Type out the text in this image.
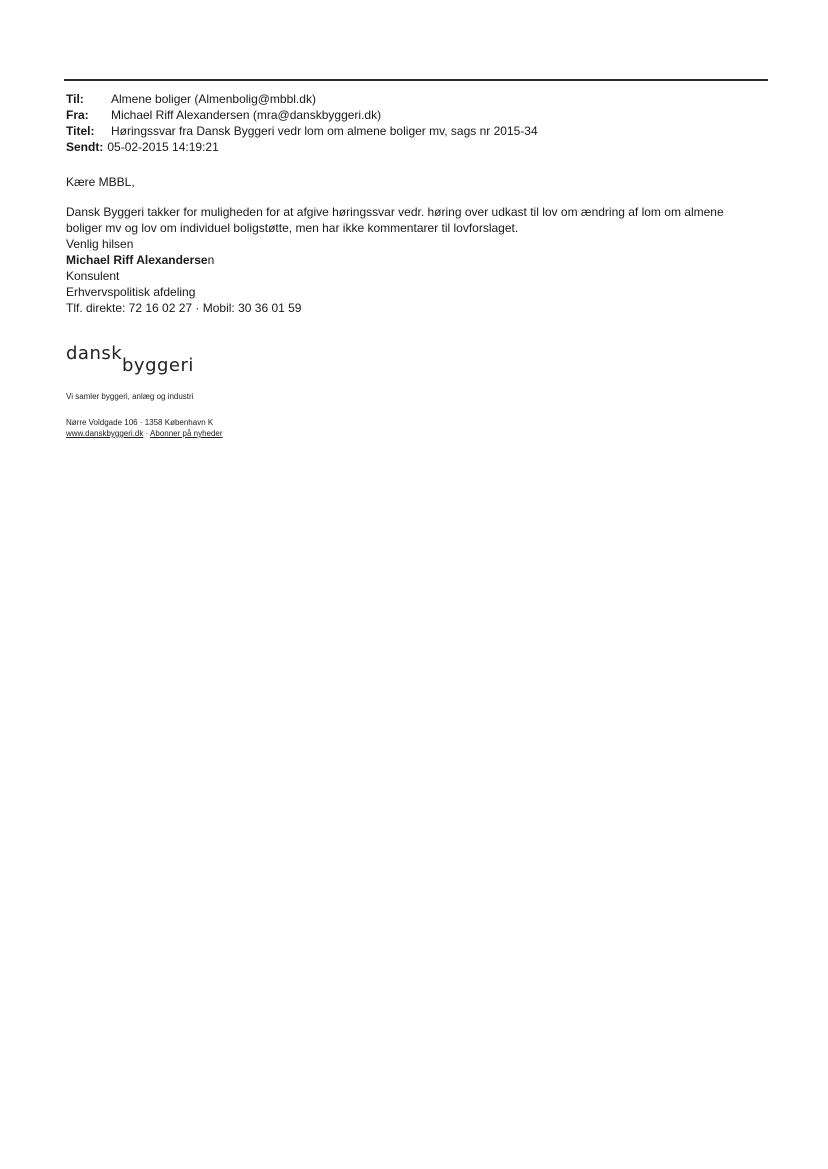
Til:	Almene boliger (Almenbolig@mbbl.dk)
Fra:	Michael Riff Alexandersen (mra@danskbyggeri.dk)
Titel:	Høringssvar fra Dansk Byggeri vedr lom om almene boliger mv, sags nr 2015-34
Sendt: 05-02-2015 14:19:21
Kære MBBL,

Dansk Byggeri takker for muligheden for at afgive høringssvar vedr. høring over udkast til lov om ændring af lom om almene

boliger mv og lov om individuel boligstøtte, men har ikke kommentarer til lovforslaget.

Venlig hilsen
Michael Riff Alexandersen
Konsulent
Erhvervspolitisk afdeling
Tlf. direkte: 72 16 02 27 · Mobil: 30 36 01 59
dansk
byggeri
Vi samler byggeri, anlæg og industri
Nørre Voldgade 106 · 1358 København K
www.danskbyggeri.dk · Abonner på nyheder
